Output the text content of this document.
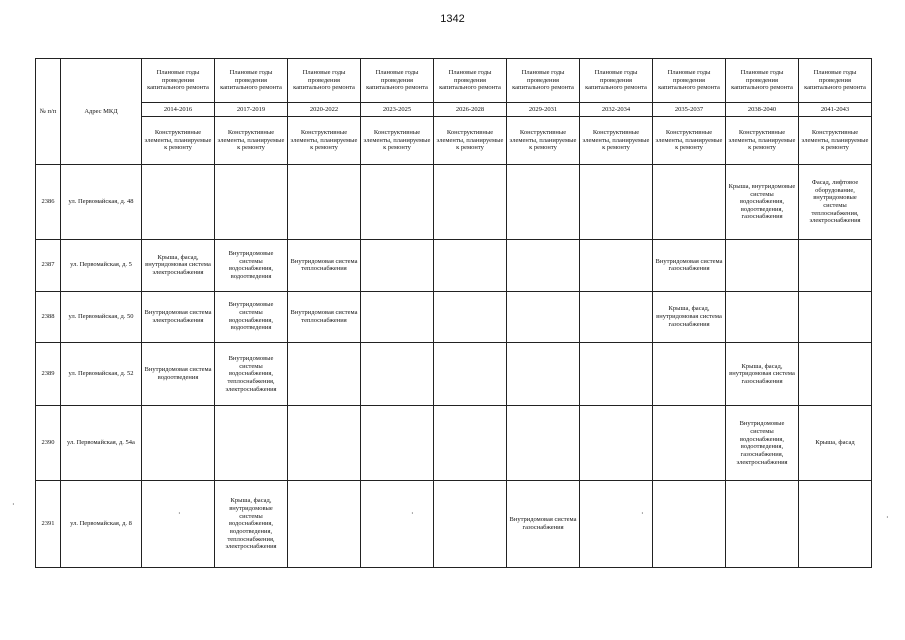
1342
№ п/п	Адрес МКД	Плановые годы проведения капитального ремонта	Плановые годы проведения капитального ремонта	Плановые годы проведения капитального ремонта	Плановые годы проведения капитального ремонта	Плановые годы проведения капитального ремонта	Плановые годы проведения капитального ремонта	Плановые годы проведения капитального ремонта	Плановые годы проведения капитального ремонта	Плановые годы проведения капитального ремонта	Плановые годы проведения капитального ремонта
		2014-2016	2017-2019	2020-2022	2023-2025	2026-2028	2029-2031	2032-2034	2035-2037	2038-2040	2041-2043
		Конструктивные элементы, планируемые к ремонту	Конструктивные элементы, планируемые к ремонту	Конструктивные элементы, планируемые к ремонту	Конструктивные элементы, планируемые к ремонту	Конструктивные элементы, планируемые к ремонту	Конструктивные элементы, планируемые к ремонту	Конструктивные элементы, планируемые к ремонту	Конструктивные элементы, планируемые к ремонту	Конструктивные элементы, планируемые к ремонту	Конструктивные элементы, планируемые к ремонту
2386	ул. Первомайская, д. 48									Крыша, внутридомовые системы водоснабжения, водоотведения, газоснабжения	Фасад, лифтовое оборудование, внутридомовые системы теплоснабжения, электроснабжения
2387	ул. Первомайская, д. 5	Крыша, фасад, внутридомовая система электроснабжения	Внутридомовые системы водоснабжения, водоотведения	Внутридомовая система теплоснабжения					Внутридомовая система газоснабжения		
2388	ул. Первомайская, д. 50	Внутридомовая система электроснабжения	Внутридомовые системы водоснабжения, водоотведения	Внутридомовая система теплоснабжения					Крыша, фасад, внутридомовая система газоснабжения		
2389	ул. Первомайская, д. 52	Внутридомовая система водоотведения	Внутридомовые системы водоснабжения, теплоснабжения, электроснабжения							Крыша, фасад, внутридомовая система газоснабжения	
2390	ул. Первомайская, д. 54а									Внутридомовые системы водоснабжения, водоотведения, газоснабжения, электроснабжения	Крыша, фасад
2391	ул. Первомайская, д. 8		Крыша, фасад, внутридомовые системы водоснабжения, водоотведения, теплоснабжения, электроснабжения				Внутридомовая система газоснабжения				
·
·
·	·	·
